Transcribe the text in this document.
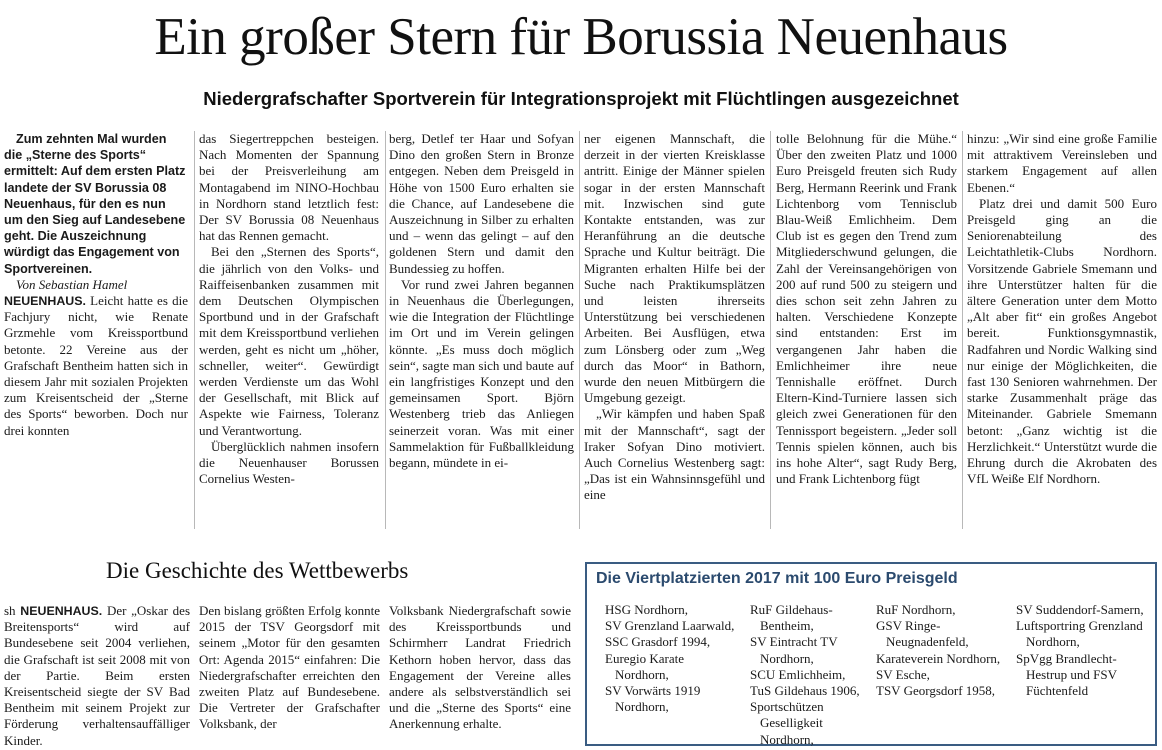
Ein großer Stern für Borussia Neuenhaus
Niedergrafschafter Sportverein für Integrationsprojekt mit Flüchtlingen ausgezeichnet

Zum zehnten Mal wurden die „Sterne des Sports“ ermittelt: Auf dem ersten Platz landete der SV Borussia 08 Neuenhaus, für den es nun um den Sieg auf Landesebene geht. Die Auszeichnung würdigt das Engagement von Sportvereinen.

Von Sebastian Hamel

NEUENHAUS. Leicht hatte es die Fachjury nicht, wie Renate Grzmehle vom Kreissportbund betonte. 22 Vereine aus der Grafschaft Bentheim hatten sich in diesem Jahr mit sozialen Projekten zum Kreisentscheid der „Sterne des Sports“ beworben. Doch nur drei konnten

das Siegertreppchen besteigen. Nach Momenten der Spannung bei der Preisverleihung am Montagabend im NINO-Hochbau in Nordhorn stand letztlich fest: Der SV Borussia 08 Neuenhaus hat das Rennen gemacht.

Bei den „Sternen des Sports“, die jährlich von den Volks- und Raiffeisenbanken zusammen mit dem Deutschen Olympischen Sportbund und in der Grafschaft mit dem Kreissportbund verliehen werden, geht es nicht um „höher, schneller, weiter“. Gewürdigt werden Verdienste um das Wohl der Gesellschaft, mit Blick auf Aspekte wie Fairness, Toleranz und Verantwortung.

Überglücklich nahmen insofern die Neuenhauser Borussen Cornelius Westen-

berg, Detlef ter Haar und Sofyan Dino den großen Stern in Bronze entgegen. Neben dem Preisgeld in Höhe von 1500 Euro erhalten sie die Chance, auf Landesebene die Auszeichnung in Silber zu erhalten und – wenn das gelingt – auf den goldenen Stern und damit den Bundessieg zu hoffen.

Vor rund zwei Jahren begannen in Neuenhaus die Überlegungen, wie die Integration der Flüchtlinge im Ort und im Verein gelingen könnte. „Es muss doch möglich sein“, sagte man sich und baute auf ein langfristiges Konzept und den gemeinsamen Sport. Björn Westenberg trieb das Anliegen seinerzeit voran. Was mit einer Sammelaktion für Fußballkleidung begann, mündete in ei-

ner eigenen Mannschaft, die derzeit in der vierten Kreisklasse antritt. Einige der Männer spielen sogar in der ersten Mannschaft mit. Inzwischen sind gute Kontakte entstanden, was zur Heranführung an die deutsche Sprache und Kultur beiträgt. Die Migranten erhalten Hilfe bei der Suche nach Praktikumsplätzen und leisten ihrerseits Unterstützung bei verschiedenen Arbeiten. Bei Ausflügen, etwa zum Lönsberg oder zum „Weg durch das Moor“ in Bathorn, wurde den neuen Mitbürgern die Umgebung gezeigt.

„Wir kämpfen und haben Spaß mit der Mannschaft“, sagt der Iraker Sofyan Dino motiviert. Auch Cornelius Westenberg sagt: „Das ist ein Wahnsinnsgefühl und eine

tolle Belohnung für die Mühe.“ Über den zweiten Platz und 1000 Euro Preisgeld freuten sich Rudy Berg, Hermann Reerink und Frank Lichtenborg vom Tennisclub Blau-Weiß Emlichheim. Dem Club ist es gegen den Trend zum Mitgliederschwund gelungen, die Zahl der Vereinsangehörigen von 200 auf rund 500 zu steigern und dies schon seit zehn Jahren zu halten. Verschiedene Konzepte sind entstanden: Erst im vergangenen Jahr haben die Emlichheimer ihre neue Tennishalle eröffnet. Durch Eltern-Kind-Turniere lassen sich gleich zwei Generationen für den Tennissport begeistern. „Jeder soll Tennis spielen können, auch bis ins hohe Alter“, sagt Rudy Berg, und Frank Lichtenborg fügt

hinzu: „Wir sind eine große Familie mit attraktivem Vereinsleben und starkem Engagement auf allen Ebenen.“

Platz drei und damit 500 Euro Preisgeld ging an die Seniorenabteilung des Leichtathletik-Clubs Nordhorn. Vorsitzende Gabriele Smemann und ihre Unterstützer halten für die ältere Generation unter dem Motto „Alt aber fit“ ein großes Angebot bereit. Funktionsgymnastik, Radfahren und Nordic Walking sind nur einige der Möglichkeiten, die fast 130 Senioren wahrnehmen. Der starke Zusammenhalt präge das Miteinander. Gabriele Smemann betont: „Ganz wichtig ist die Herzlichkeit.“ Unterstützt wurde die Ehrung durch die Akrobaten des VfL Weiße Elf Nordhorn.

Die Geschichte des Wettbewerbs

sh NEUENHAUS. Der „Oskar des Breitensports“ wird auf Bundesebene seit 2004 verliehen, die Grafschaft ist seit 2008 mit von der Partie. Beim ersten Kreisentscheid siegte der SV Bad Bentheim mit seinem Projekt zur Förderung verhaltensauffälliger Kinder.

Den bislang größten Erfolg konnte 2015 der TSV Georgsdorf mit seinem „Motor für den gesamten Ort: Agenda 2015“ einfahren: Die Niedergrafschafter erreichten den zweiten Platz auf Bundesebene. Die Vertreter der Grafschafter Volksbank, der

Volksbank Niedergrafschaft sowie des Kreissportbunds und Schirmherr Landrat Friedrich Kethorn hoben hervor, dass das Engagement der Vereine alles andere als selbstverständlich sei und die „Sterne des Sports“ eine Anerkennung erhalte.

Die Viertplatzierten 2017 mit 100 Euro Preisgeld
HSG Nordhorn,
SV Grenzland Laarwald,
SSC Grasdorf 1994,
Euregio Karate Nordhorn,
SV Vorwärts 1919 Nordhorn,
RuF Gildehaus-Bentheim,
SV Eintracht TV Nordhorn,
SCU Emlichheim,
TuS Gildehaus 1906,
Sportschützen Geselligkeit Nordhorn,
RuF Nordhorn,
GSV Ringe-Neugnadenfeld,
Karateverein Nordhorn,
SV Esche,
TSV Georgsdorf 1958,
SV Suddendorf-Samern,
Luftsportring Grenzland Nordhorn,
SpVgg Brandlecht-Hestrup und FSV Füchtenfeld
